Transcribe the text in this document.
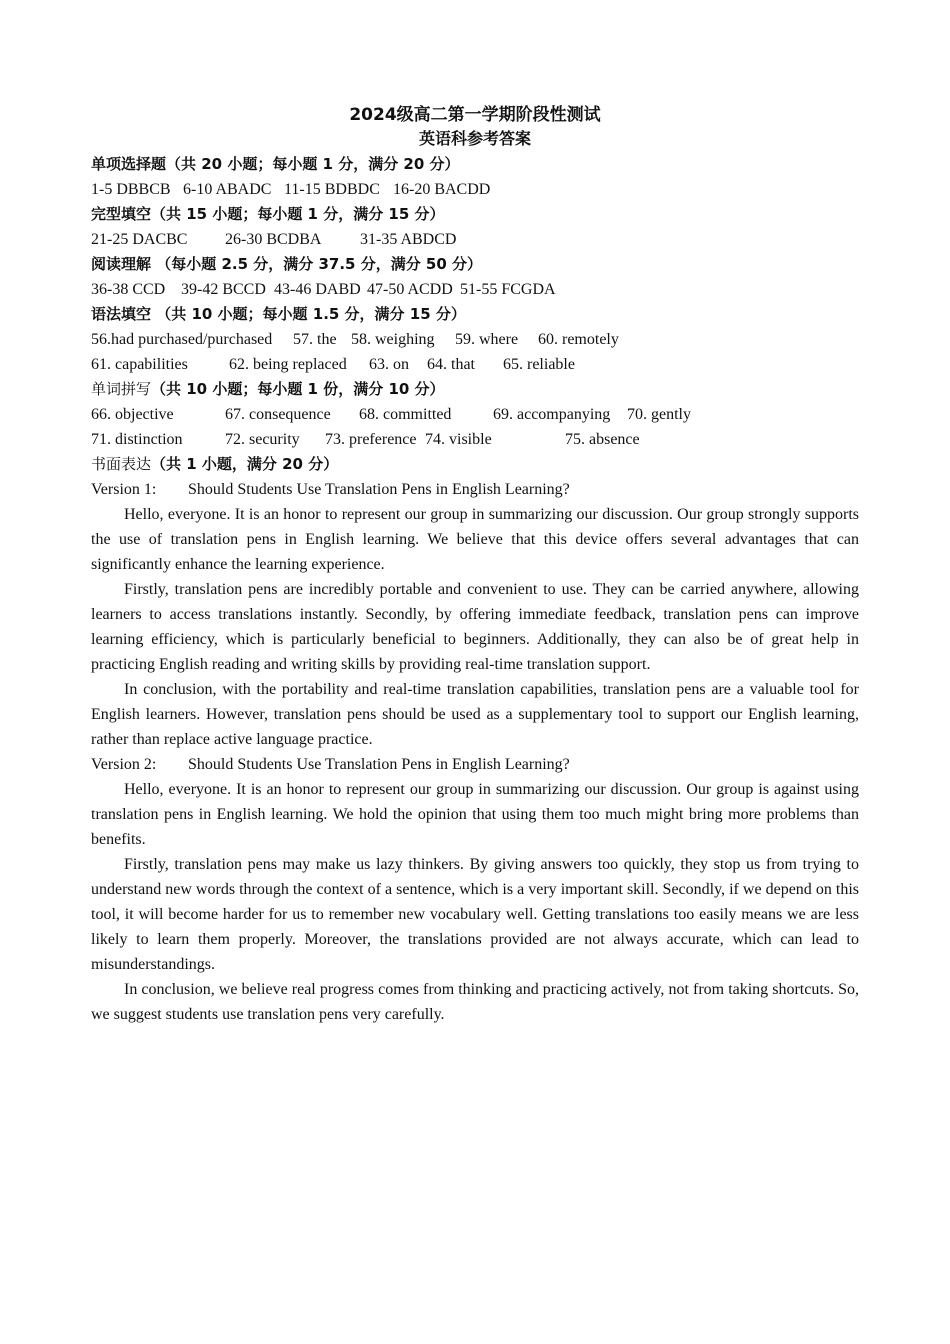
2024级高二第一学期阶段性测试
英语科参考答案
单项选择题（共 20 小题；每小题 1 分，满分 20 分）
1-5 DBBCB 6-10 ABADC 11-15 BDBDC 16-20 BACDD
完型填空（共 15 小题；每小题 1 分，满分 15 分）
21-25 DACBC	26-30 BCDBA	31-35 ABDCD
阅读理解 （每小题 2.5 分，满分 37.5 分，满分 50 分）
36-38 CCD 39-42 BCCD 43-46 DABD 47-50 ACDD 51-55 FCGDA
语法填空 （共 10 小题；每小题 1.5 分，满分 15 分）
56.had purchased/purchased	57. the 58. weighing	59. where	60. remotely
61. capabilities	62. being replaced	63. on	64. that	65. reliable
单词拼写（共 10 小题；每小题 1 份，满分 10 分）
66. objective	67. consequence	68. committed	69. accompanying	70. gently
71. distinction	72. security	73. preference 74. visible	75. absence
书面表达（共 1 小题，满分 20 分）
Version 1:	Should Students Use Translation Pens in English Learning?
Hello, everyone. It is an honor to represent our group in summarizing our discussion. Our group strongly supports the use of translation pens in English learning. We believe that this device offers several advantages that can significantly enhance the learning experience.
Firstly, translation pens are incredibly portable and convenient to use. They can be carried anywhere, allowing learners to access translations instantly. Secondly, by offering immediate feedback, translation pens can improve learning efficiency, which is particularly beneficial to beginners. Additionally, they can also be of great help in practicing English reading and writing skills by providing real-time translation support.
In conclusion, with the portability and real-time translation capabilities, translation pens are a valuable tool for English learners. However, translation pens should be used as a supplementary tool to support our English learning, rather than replace active language practice.
Version 2:	Should Students Use Translation Pens in English Learning?
Hello, everyone. It is an honor to represent our group in summarizing our discussion. Our group is against using translation pens in English learning. We hold the opinion that using them too much might bring more problems than benefits.
Firstly, translation pens may make us lazy thinkers. By giving answers too quickly, they stop us from trying to understand new words through the context of a sentence, which is a very important skill. Secondly, if we depend on this tool, it will become harder for us to remember new vocabulary well. Getting translations too easily means we are less likely to learn them properly. Moreover, the translations provided are not always accurate, which can lead to misunderstandings.
In conclusion, we believe real progress comes from thinking and practicing actively, not from taking shortcuts. So, we suggest students use translation pens very carefully.
